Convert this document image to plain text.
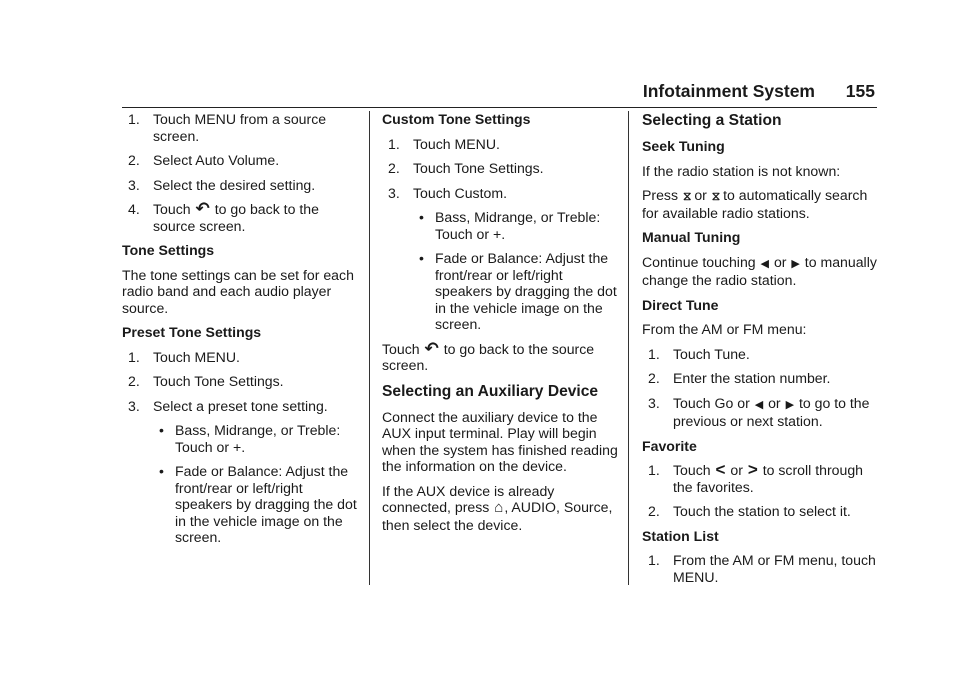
Infotainment System 155
1. Touch MENU from a source screen.
2. Select Auto Volume.
3. Select the desired setting.
4. Touch ↶ to go back to the source screen.
Tone Settings
The tone settings can be set for each radio band and each audio player source.
Preset Tone Settings
1. Touch MENU.
2. Touch Tone Settings.
3. Select a preset tone setting.
• Bass, Midrange, or Treble: Touch or +.
• Fade or Balance: Adjust the front/rear or left/right speakers by dragging the dot in the vehicle image on the screen.
Custom Tone Settings
1. Touch MENU.
2. Touch Tone Settings.
3. Touch Custom.
• Bass, Midrange, or Treble: Touch or +.
• Fade or Balance: Adjust the front/rear or left/right speakers by dragging the dot in the vehicle image on the screen.
Touch ↶ to go back to the source screen.
Selecting an Auxiliary Device
Connect the auxiliary device to the AUX input terminal. Play will begin when the system has finished reading the information on the device.
If the AUX device is already connected, press ⌂, AUDIO, Source, then select the device.
Selecting a Station
Seek Tuning
If the radio station is not known:
Press ⧖ or ⧖ to automatically search for available radio stations.
Manual Tuning
Continue touching ◀ or ▶ to manually change the radio station.
Direct Tune
From the AM or FM menu:
1. Touch Tune.
2. Enter the station number.
3. Touch Go or ◀ or ▶ to go to the previous or next station.
Favorite
1. Touch < or > to scroll through the favorites.
2. Touch the station to select it.
Station List
1. From the AM or FM menu, touch MENU.
